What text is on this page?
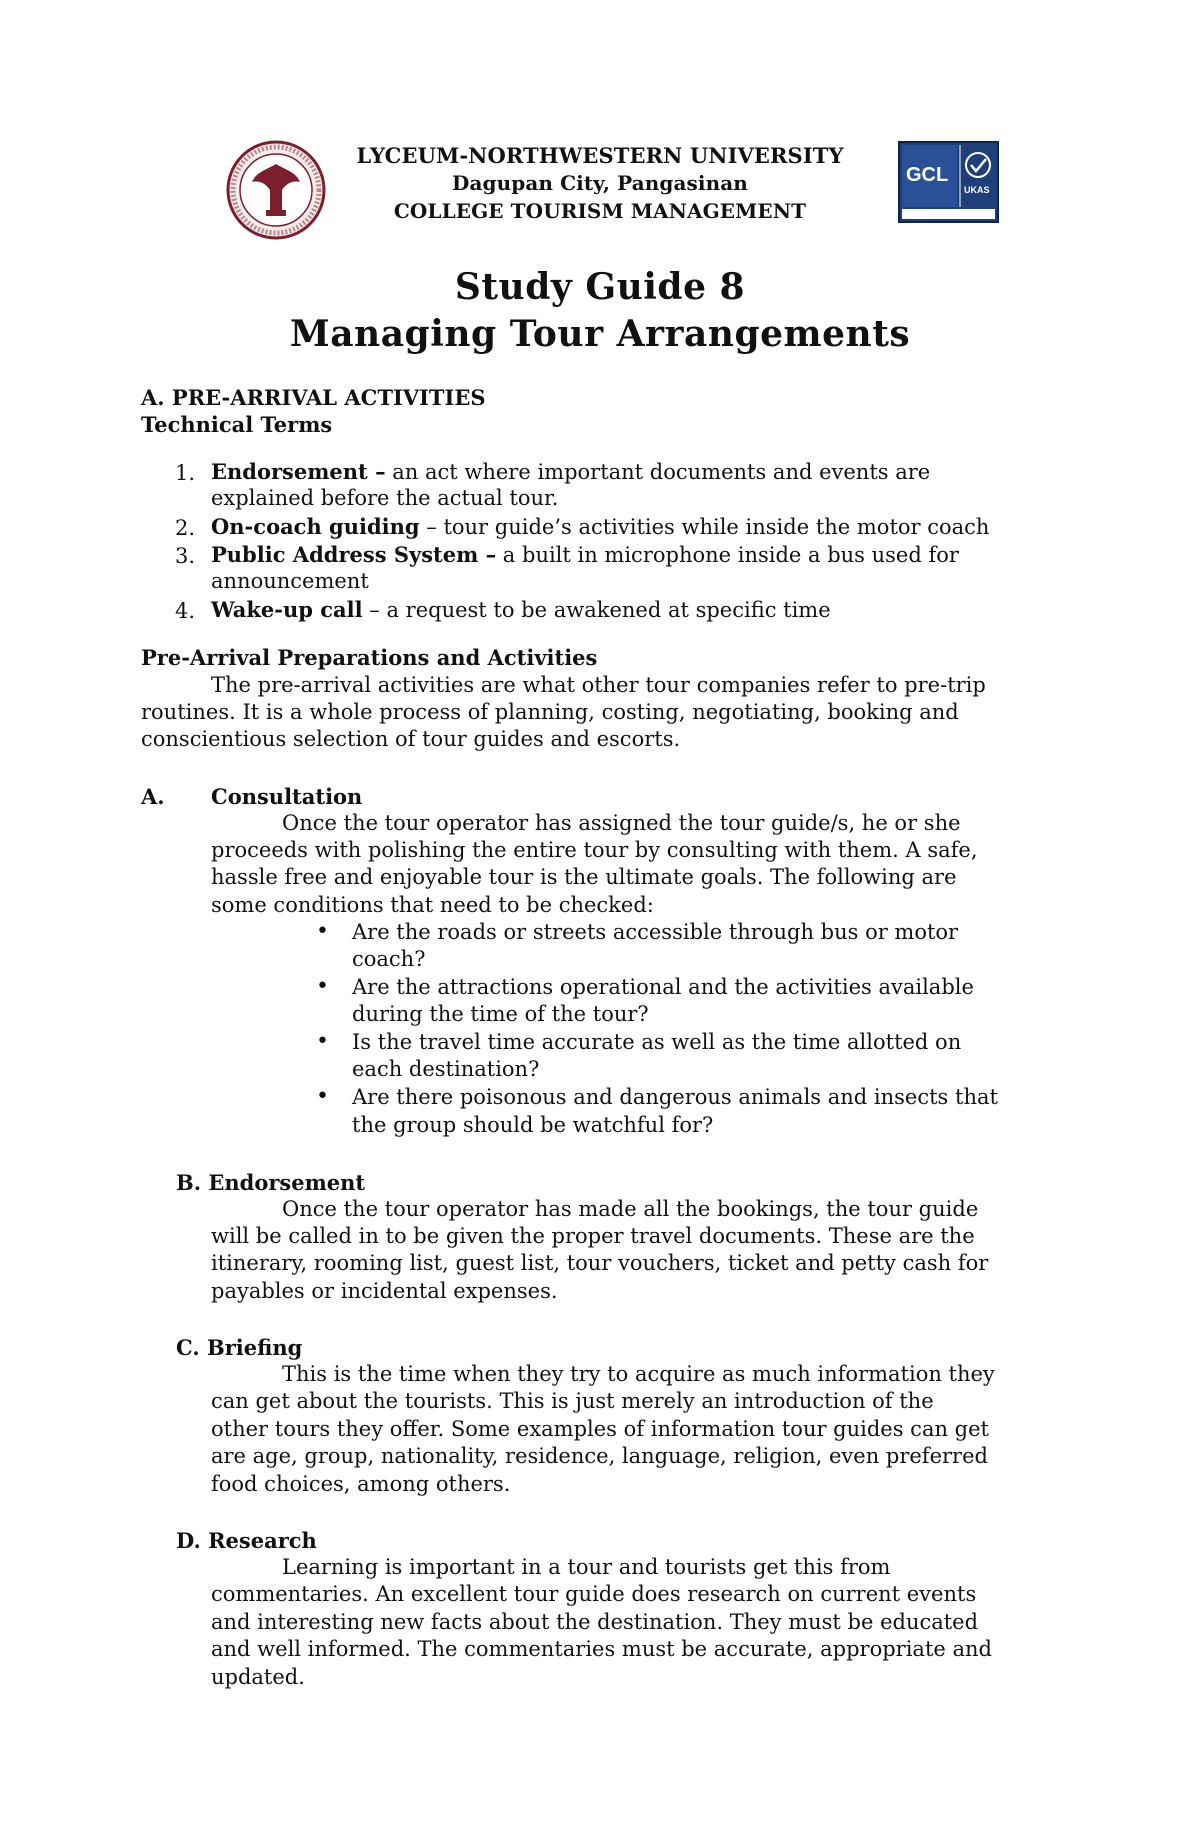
LYCEUM-NORTHWESTERN UNIVERSITY
Dagupan City, Pangasinan
COLLEGE TOURISM MANAGEMENT
GCL
UKAS
Study Guide 8
Managing Tour Arrangements
A. PRE-ARRIVAL ACTIVITIES
Technical Terms
1. Endorsement – an act where important documents and events are
explained before the actual tour.
2. On-coach guiding – tour guide’s activities while inside the motor coach
3. Public Address System – a built in microphone inside a bus used for
announcement
4. Wake-up call – a request to be awakened at specific time
Pre-Arrival Preparations and Activities
The pre-arrival activities are what other tour companies refer to pre-trip
routines. It is a whole process of planning, costing, negotiating, booking and
conscientious selection of tour guides and escorts.
A. Consultation
Once the tour operator has assigned the tour guide/s, he or she
proceeds with polishing the entire tour by consulting with them. A safe,
hassle free and enjoyable tour is the ultimate goals. The following are
some conditions that need to be checked:
• Are the roads or streets accessible through bus or motor
coach?
• Are the attractions operational and the activities available
during the time of the tour?
• Is the travel time accurate as well as the time allotted on
each destination?
• Are there poisonous and dangerous animals and insects that
the group should be watchful for?
B. Endorsement
Once the tour operator has made all the bookings, the tour guide
will be called in to be given the proper travel documents. These are the
itinerary, rooming list, guest list, tour vouchers, ticket and petty cash for
payables or incidental expenses.
C. Briefing
This is the time when they try to acquire as much information they
can get about the tourists. This is just merely an introduction of the
other tours they offer. Some examples of information tour guides can get
are age, group, nationality, residence, language, religion, even preferred
food choices, among others.
D. Research
Learning is important in a tour and tourists get this from
commentaries. An excellent tour guide does research on current events
and interesting new facts about the destination. They must be educated
and well informed. The commentaries must be accurate, appropriate and
updated.
